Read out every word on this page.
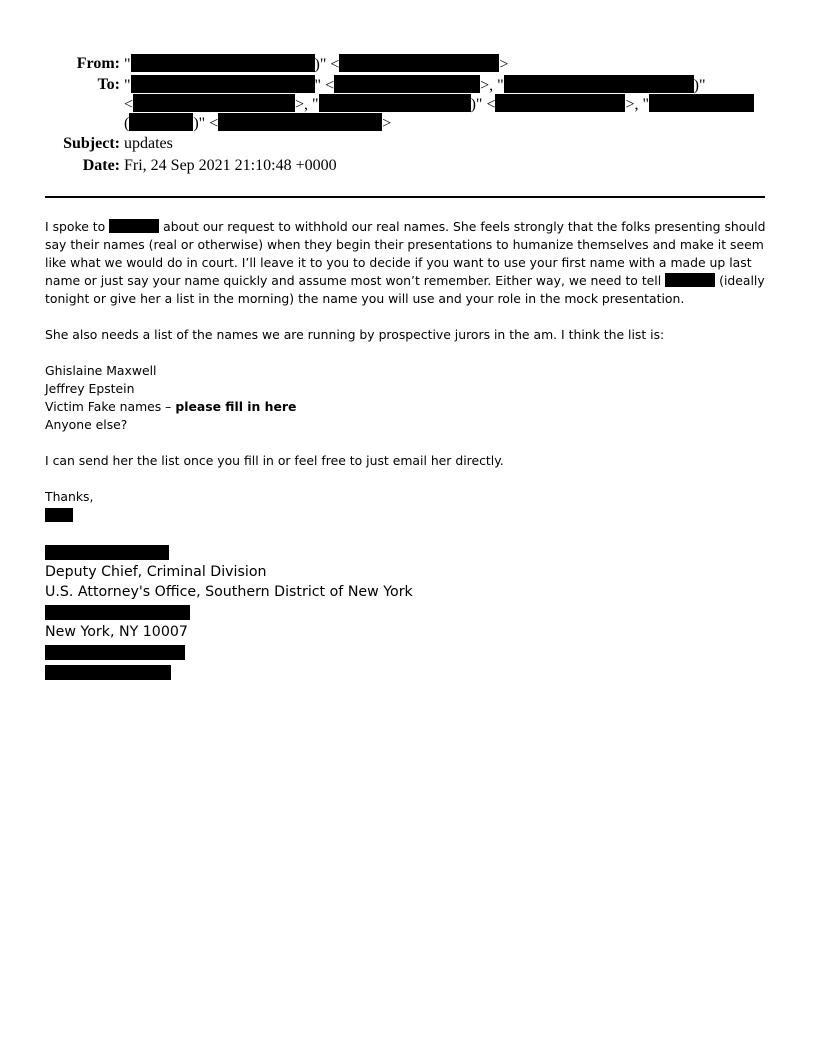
From: "	)" <	>
To: "	" <	>, "	)"
<	>, "	)" <	>, "
(	)" <	>
Subject: updates
Date: Fri, 24 Sep 2021 21:10:48 +0000

I spoke to	about our request to withhold our real names. She feels strongly that the folks presenting should say their names (real or otherwise) when they begin their presentations to humanize themselves and make it seem like what we would do in court. I’ll leave it to you to decide if you want to use your first name with a made up last name or just say your name quickly and assume most won’t remember. Either way, we need to tell	(ideally tonight or give her a list in the morning) the name you will use and your role in the mock presentation.

She also needs a list of the names we are running by prospective jurors in the am. I think the list is:

Ghislaine Maxwell

Jeffrey Epstein

Victim Fake names – please fill in here

Anyone else?

I can send her the list once you fill in or feel free to just email her directly.
Thanks,
Deputy Chief, Criminal Division
U.S. Attorney's Office, Southern District of New York
New York, NY 10007
